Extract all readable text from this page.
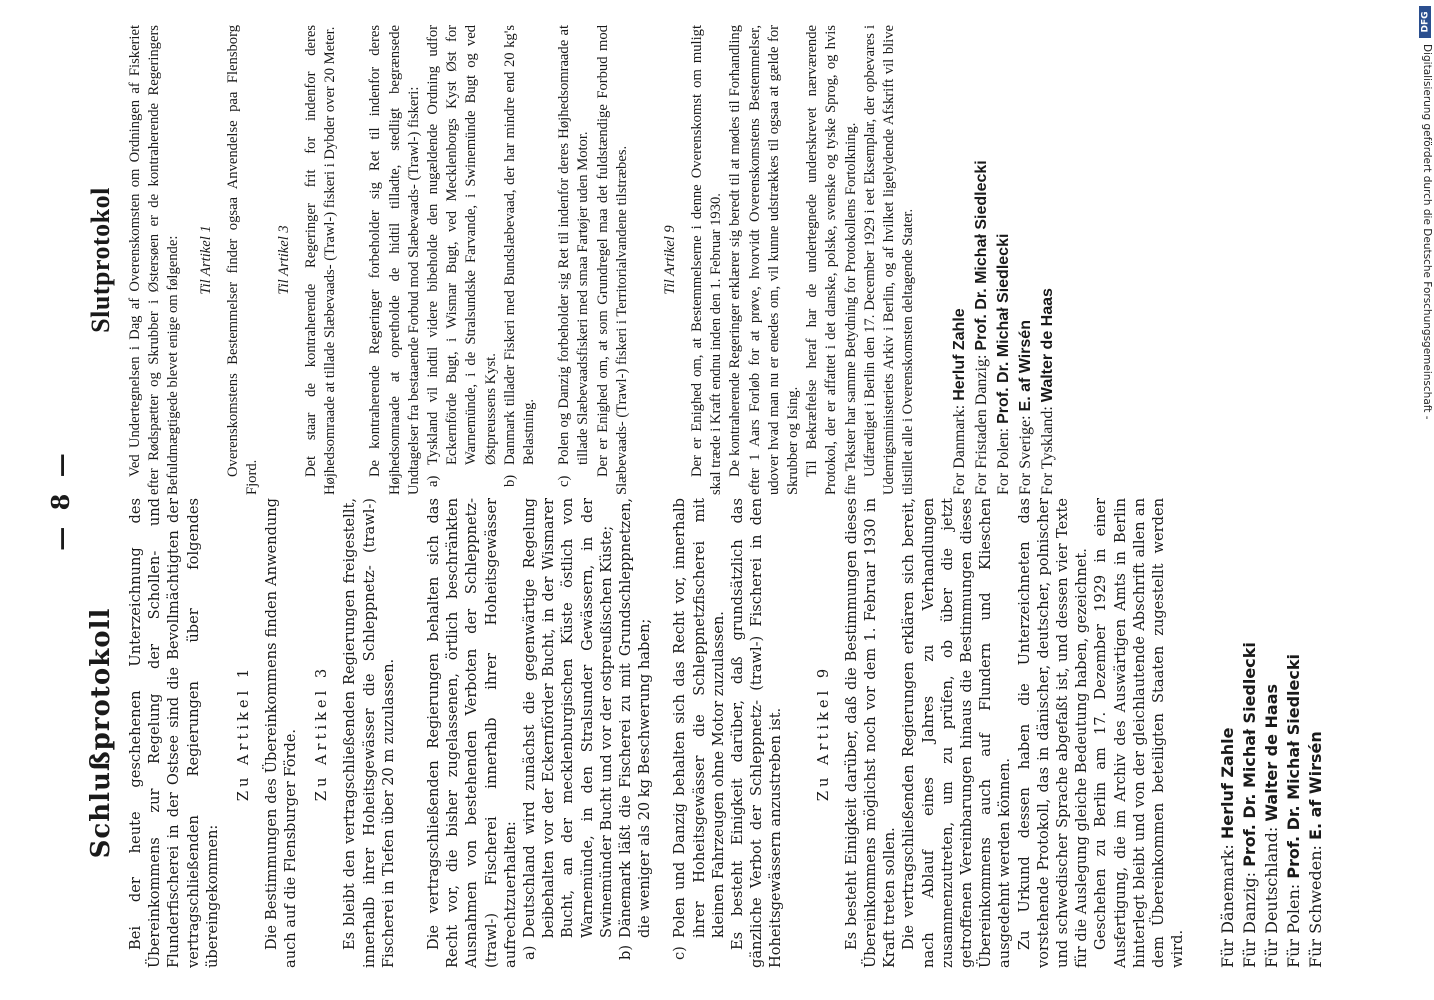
— 8 —
Schlußprotokoll Bei der heute geschehenen Unterzeichnung des Übereinkommens zur Regelung der Schollen- und Flunderfischerei in der Ostsee sind die Bevollmächtigten der vertragschließenden Regierungen über folgendes übereingekommen:

Zu Artikel 1 Die Bestimmungen des Übereinkommens finden Anwendung auch auf die Flensburger Förde. Zu Artikel 3 Es bleibt den vertragschließenden Regierungen freigestellt, innerhalb ihrer Hoheitsgewässer die Schleppnetz- (trawl-) Fischerei in Tiefen über 20 m zuzulassen. Die vertragschließenden Regierungen behalten sich das Recht vor, die bisher zugelassenen, örtlich beschränkten Ausnahmen von bestehenden Verboten der Schleppnetz- (trawl-) Fischerei innerhalb ihrer Hoheitsgewässer aufrechtzuerhalten: a)
Deutschland wird zunächst die gegenwärtige Regelung beibehalten vor der Eckernförder Bucht, in der Wismarer Bucht, an der mecklenburgischen Küste östlich von Warnemünde, in den Stralsunder Gewässern, in der Swinemünder Bucht und vor der ostpreußischen Küste;
b)
Dänemark läßt die Fischerei zu mit Grundschleppnetzen, die weniger als 20 kg Beschwerung haben;
c)
Polen und Danzig behalten sich das Recht vor, innerhalb ihrer Hoheitsgewässer die Schleppnetzfischerei mit kleinen Fahrzeugen ohne Motor zuzulassen. Es besteht Einigkeit darüber, daß grundsätzlich das gänzliche Verbot der Schleppnetz- (trawl-) Fischerei in den Hoheitsgewässern anzustreben ist. Zu Artikel 9 Es besteht Einigkeit darüber, daß die Bestimmungen dieses Übereinkommens möglichst noch vor dem 1. Februar 1930 in Kraft treten sollen. Die vertragschließenden Regierungen erklären sich bereit, nach Ablauf eines Jahres zu Verhandlungen zusammenzutreten, um zu prüfen, ob über die jetzt getroffenen Vereinbarungen hinaus die Bestimmungen dieses Übereinkommens auch auf Flundern und Klieschen ausgedehnt werden können. Zu Urkund dessen haben die Unterzeichneten das vorstehende Protokoll, das in dänischer, deutscher, polnischer und schwedischer Sprache abgefaßt ist, und dessen vier Texte für die Auslegung gleiche Bedeutung haben, gezeichnet. Geschehen zu Berlin am 17. Dezember 1929 in einer Ausfertigung, die im Archiv des Auswärtigen Amts in Berlin hinterlegt bleibt und von der gleichlautende Abschrift allen an dem Übereinkommen beteiligten Staaten zugestellt werden wird. Für Dänemark: Herluf Zahle
Für Danzig: Prof. Dr. Michał Siedlecki
Für Deutschland: Walter de Haas
Für Polen: Prof. Dr. Michał Siedlecki
Für Schweden: E. af Wirsén
Slutprotokol Ved Undertegnelsen i Dag af Overenskomsten om Ordningen af Fiskeriet efter Rødspætter og Skrubber i Østersøen er de kontraherende Regeringers Befuldmægtigede blevet enige om følgende: Til Artikel 1 Overenskomstens Bestemmelser finder ogsaa Anvendelse paa Flensborg Fjord.

Til Artikel 3 Det staar de kontraherende Regeringer frit for indenfor deres Højhedsomraade at tillade Slæbevaads- (Trawl-) fiskeri i Dybder over 20 Meter. De kontraherende Regeringer forbeholder sig Ret til indenfor deres Højhedsomraade at opretholde de hidtil tilladte, stedligt begrænsede Undtagelser fra bestaaende Forbud mod Slæbevaads- (Trawl-) fiskeri: a)
Tyskland vil indtil videre bibeholde den nugældende Ordning udfor Eckernförde Bugt, i Wismar Bugt, ved Mecklenborgs Kyst Øst for Warnemünde, i de Stralsundske Farvande, i Swinemünde Bugt og ved Østpreussens Kyst.
b)
Danmark tillader Fiskeri med Bundslæbevaad, der har mindre end 20 kg's Belastning.
c)
Polen og Danzig forbeholder sig Ret til indenfor deres Højhedsomraade at tillade Slæbevaadsfiskeri med smaa Fartøjer uden Motor. Der er Enighed om, at som Grundregel maa det fuldstændige Forbud mod Slæbevaads- (Trawl-) fiskeri i Territorialvandene tilstræbes. Til Artikel 9 Der er Enighed om, at Bestemmelserne i denne Overenskomst om muligt skal træde i Kraft endnu inden den 1. Februar 1930. De kontraherende Regeringer erklærer sig beredt til at mødes til Forhandling efter 1 Aars Forløb for at prøve, hvorvidt Overenskomstens Bestemmelser, udover hvad man nu er enedes om, vil kunne udstrækkes til ogsaa at gælde for Skrubber og Ising. Til Bekræftelse heraf har de undertegnede underskrevet nærværende Protokol, der er affattet i det danske, polske, svenske og tyske Sprog, og hvis fire Tekster har samme Betydning for Protokollens Fortolkning. Udfærdiget i Berlin den 17. December 1929 i eet Eksemplar, der opbevares i Udenrigsministeriets Arkiv i Berlin, og af hvilket ligelydende Afskrift vil blive tilstillet alle i Overenskomsten deltagende Stater. For Danmark: Herluf Zahle
For Fristaden Danzig: Prof. Dr. Michał Siedlecki
For Polen: Prof. Dr. Michał Siedlecki
For Sverige: E. af Wirsén
For Tyskland: Walter de Haas
DFG
Digitalisierung gefördert durch die Deutsche Forschungsgemeinschaft -
